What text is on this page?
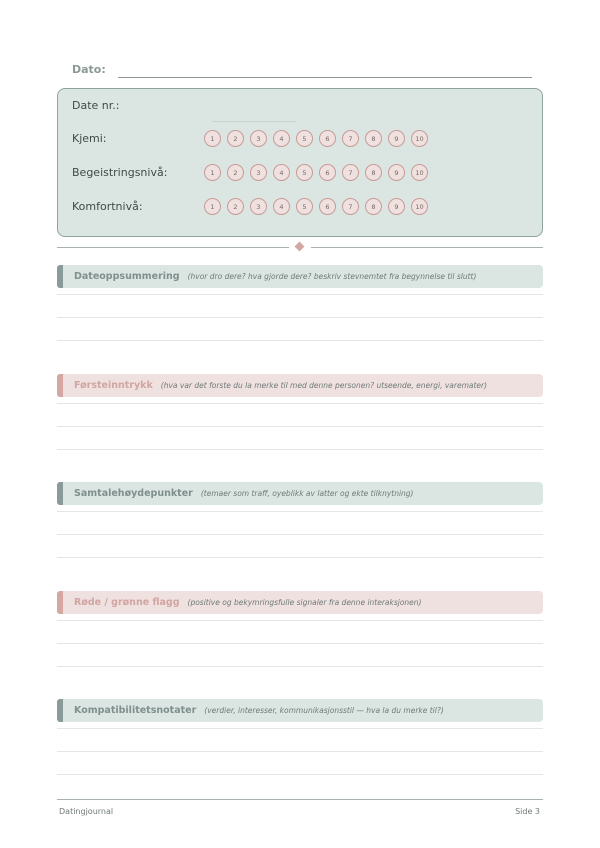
Dato:
Date nr.:
Kjemi:	1	2	3	4	5	6	7	8	9	10
Begeistringsnivå:	1	2	3	4	5	6	7	8	9	10
Komfortnivå:	1	2	3	4	5	6	7	8	9	10
Dateoppsummering (hvor dro dere? hva gjorde dere? beskriv stevnemtet fra begynnelse til slutt)
Førsteinntrykk (hva var det forste du la merke til med denne personen? utseende, energi, varemater)
Samtalehøydepunkter (temaer som traff, oyeblikk av latter og ekte tilknytning)
Røde / grønne flagg (positive og bekymringsfulle signaler fra denne interaksjonen)
Kompatibilitetsnotater (verdier, interesser, kommunikasjonsstil — hva la du merke til?)
Datingjournal	Side 3
